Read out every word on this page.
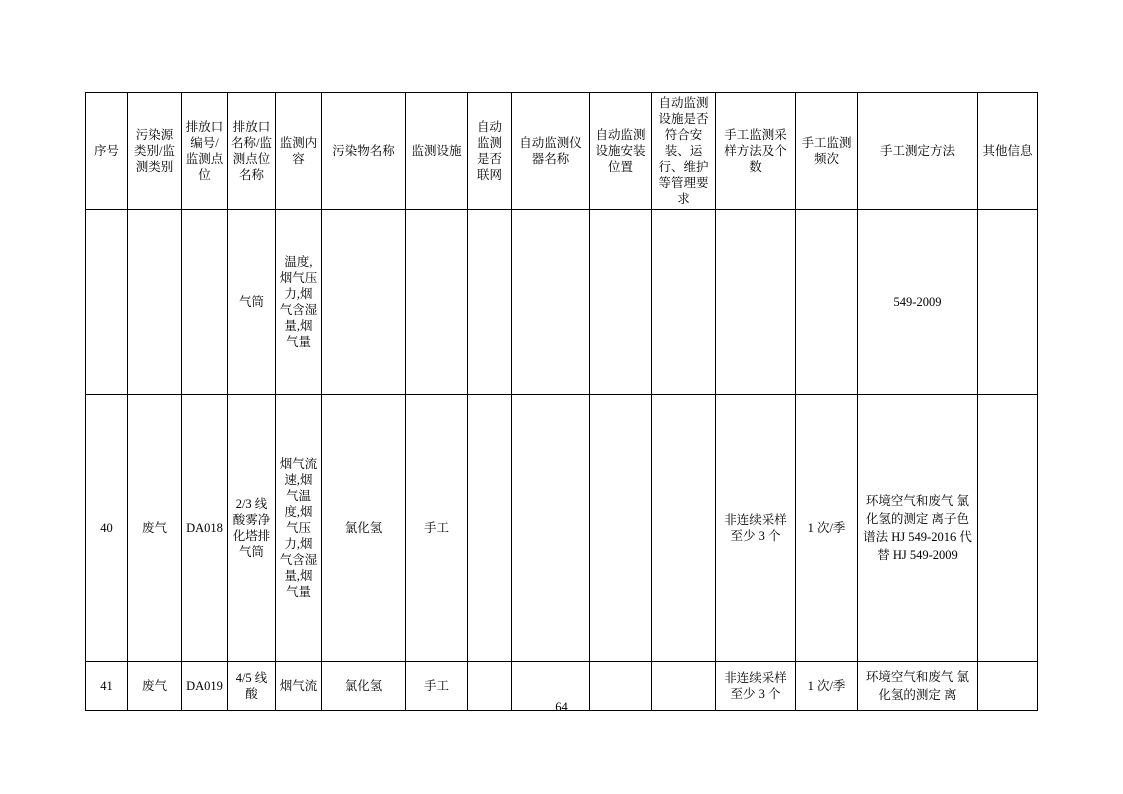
序号	污染源类别/监测类别	排放口编号/监测点位	排放口名称/监测点位名称	监测内容	污染物名称	监测设施	自动监测是否联网	自动监测仪器名称	自动监测设施安装位置	自动监测设施是否符合安装、运行、维护等管理要求	手工监测采样方法及个数	手工监测频次	手工测定方法	其他信息
			气筒	温度,烟气压力,烟气含湿量,烟气量									549-2009	
40	废气	DA018	2/3 线酸雾净化塔排气筒	烟气流速,烟气温度,烟气压力,烟气含湿量,烟气量	氯化氢	手工					非连续采样至少 3 个	1 次/季	环境空气和废气 氯化氢的测定 离子色谱法 HJ 549-2016 代替 HJ 549-2009	
41	废气	DA019	4/5 线酸	烟气流	氯化氢	手工					非连续采样至少 3 个	1 次/季	环境空气和废气 氯化氢的测定 离	
64
